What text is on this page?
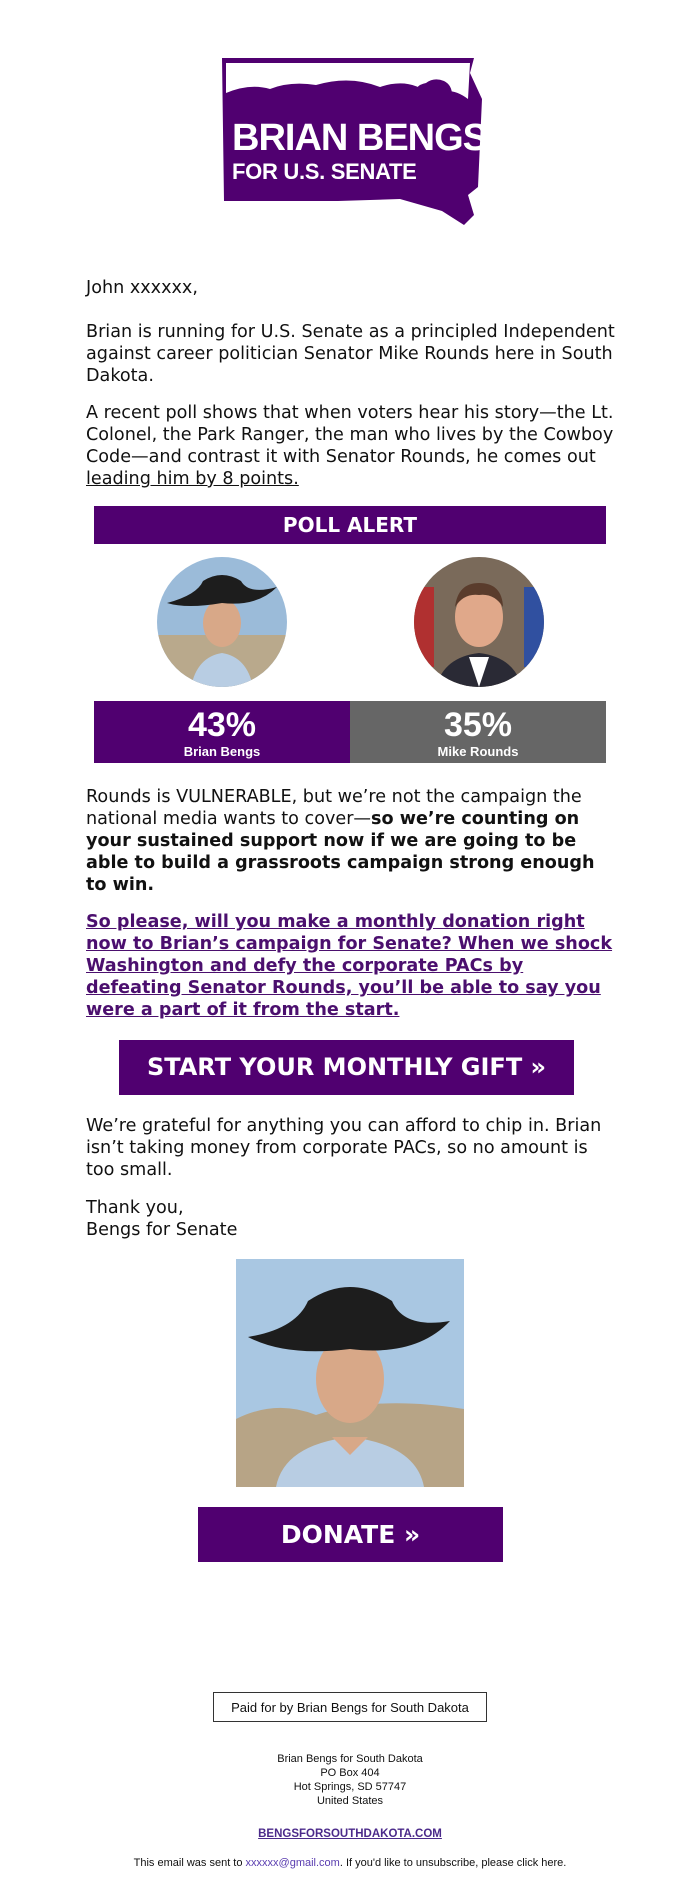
BRIAN BENGS
FOR U.S. SENATE

John xxxxxx,

Brian is running for U.S. Senate as a principled Independent against career politician Senator Mike Rounds here in South Dakota.

A recent poll shows that when voters hear his story—the Lt. Colonel, the Park Ranger, the man who lives by the Cowboy Code—and contrast it with Senator Rounds, he comes out leading him by 8 points.

POLL ALERT
43%
Brian Bengs
35%
Mike Rounds

Rounds is VULNERABLE, but we’re not the campaign the national media wants to cover—so we’re counting on your sustained support now if we are going to be able to build a grassroots campaign strong enough to win.

So please, will you make a monthly donation right now to Brian’s campaign for Senate? When we shock Washington and defy the corporate PACs by defeating Senator Rounds, you’ll be able to say you were a part of it from the start.

START YOUR MONTHLY GIFT »

We’re grateful for anything you can afford to chip in. Brian isn’t taking money from corporate PACs, so no amount is too small.

Thank you,
Bengs for Senate

DONATE »
Paid for by Brian Bengs for South Dakota
Brian Bengs for South Dakota
PO Box 404
Hot Springs, SD 57747
United States
BENGSFORSOUTHDAKOTA.COM
This email was sent to xxxxxx@gmail.com. If you'd like to unsubscribe, please click here.
